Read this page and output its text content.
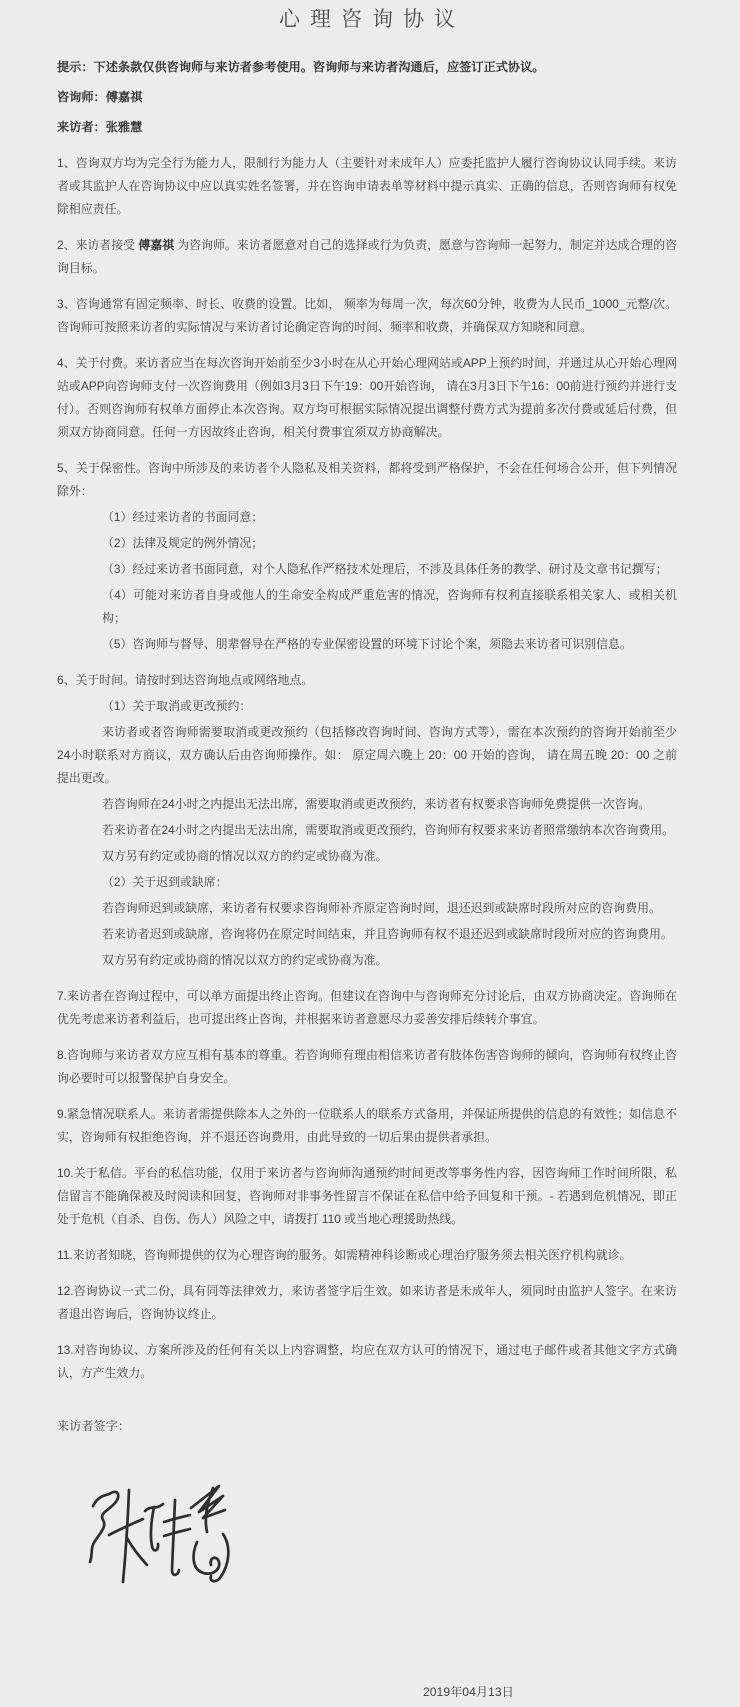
心理咨询协议

提示：下述条款仅供咨询师与来访者参考使用。咨询师与来访者沟通后，应签订正式协议。

咨询师：傅嘉祺

来访者：张雅慧

1、咨询双方均为完全行为能力人，限制行为能力人（主要针对未成年人）应委托监护人履行咨询协议认同手续。来访者或其监护人在咨询协议中应以真实姓名签署，并在咨询申请表单等材料中提示真实、正确的信息，否则咨询师有权免除相应责任。

2、来访者接受 傅嘉祺 为咨询师。来访者愿意对自己的选择或行为负责，愿意与咨询师一起努力，制定并达成合理的咨询目标。

3、咨询通常有固定频率、时长、收费的设置。比如， 频率为每周一次，每次60分钟，收费为人民币_1000_元整/次。咨询师可按照来访者的实际情况与来访者讨论确定咨询的时间、频率和收费，并确保双方知晓和同意。

4、关于付费。来访者应当在每次咨询开始前至少3小时在从心开始心理网站或APP上预约时间，并通过从心开始心理网站或APP向咨询师支付一次咨询费用（例如3月3日下午19：00开始咨询， 请在3月3日下午16：00前进行预约并进行支付）。否则咨询师有权单方面停止本次咨询。双方均可根据实际情况提出调整付费方式为提前多次付费或延后付费，但须双方协商同意。任何一方因故终止咨询，相关付费事宜须双方协商解决。

5、关于保密性。咨询中所涉及的来访者个人隐私及相关资料，都将受到严格保护，不会在任何场合公开，但下列情况除外：
（1）经过来访者的书面同意；
（2）法律及规定的例外情况；
（3）经过来访者书面同意，对个人隐私作严格技术处理后，不涉及具体任务的教学、研讨及文章书记撰写；
（4）可能对来访者自身或他人的生命安全构成严重危害的情况，咨询师有权利直接联系相关家人、或相关机构；
（5）咨询师与督导、朋辈督导在严格的专业保密设置的环境下讨论个案，须隐去来访者可识别信息。
6、关于时间。请按时到达咨询地点或网络地点。
（1）关于取消或更改预约：
来访者或者咨询师需要取消或更改预约（包括修改咨询时间、咨询方式等），需在本次预约的咨询开始前至少24小时联系对方商议，双方确认后由咨询师操作。如： 原定周六晚上 20：00 开始的咨询， 请在周五晚 20：00 之前提出更改。
若咨询师在24小时之内提出无法出席，需要取消或更改预约，来访者有权要求咨询师免费提供一次咨询。
若来访者在24小时之内提出无法出席，需要取消或更改预约，咨询师有权要求来访者照常缴纳本次咨询费用。
双方另有约定或协商的情况以双方的约定或协商为准。
（2）关于迟到或缺席：
若咨询师迟到或缺席，来访者有权要求咨询师补齐原定咨询时间，退还迟到或缺席时段所对应的咨询费用。
若来访者迟到或缺席，咨询将仍在原定时间结束，并且咨询师有权不退还迟到或缺席时段所对应的咨询费用。
双方另有约定或协商的情况以双方的约定或协商为准。

7.来访者在咨询过程中，可以单方面提出终止咨询。但建议在咨询中与咨询师充分讨论后，由双方协商决定。咨询师在优先考虑来访者利益后，也可提出终止咨询，并根据来访者意愿尽力妥善安排后续转介事宜。

8.咨询师与来访者双方应互相有基本的尊重。若咨询师有理由相信来访者有肢体伤害咨询师的倾向，咨询师有权终止咨询必要时可以报警保护自身安全。

9.紧急情况联系人。来访者需提供除本人之外的一位联系人的联系方式备用，并保证所提供的信息的有效性；如信息不实，咨询师有权拒绝咨询，并不退还咨询费用，由此导致的一切后果由提供者承担。

10.关于私信。平台的私信功能，仅用于来访者与咨询师沟通预约时间更改等事务性内容，因咨询师工作时间所限，私信留言不能确保被及时阅读和回复，咨询师对非事务性留言不保证在私信中给予回复和干预。- 若遇到危机情况，即正处于危机（自杀、自伤、伤人）风险之中，请拨打 110 或当地心理援助热线。

11.来访者知晓，咨询师提供的仅为心理咨询的服务。如需精神科诊断或心理治疗服务须去相关医疗机构就诊。

12.咨询协议一式二份，具有同等法律效力，来访者签字后生效。如来访者是未成年人，须同时由监护人签字。在来访者退出咨询后，咨询协议终止。

13.对咨询协议、方案所涉及的任何有关以上内容调整，均应在双方认可的情况下，通过电子邮件或者其他文字方式确认，方产生效力。

来访者签字：

2019年04月13日
